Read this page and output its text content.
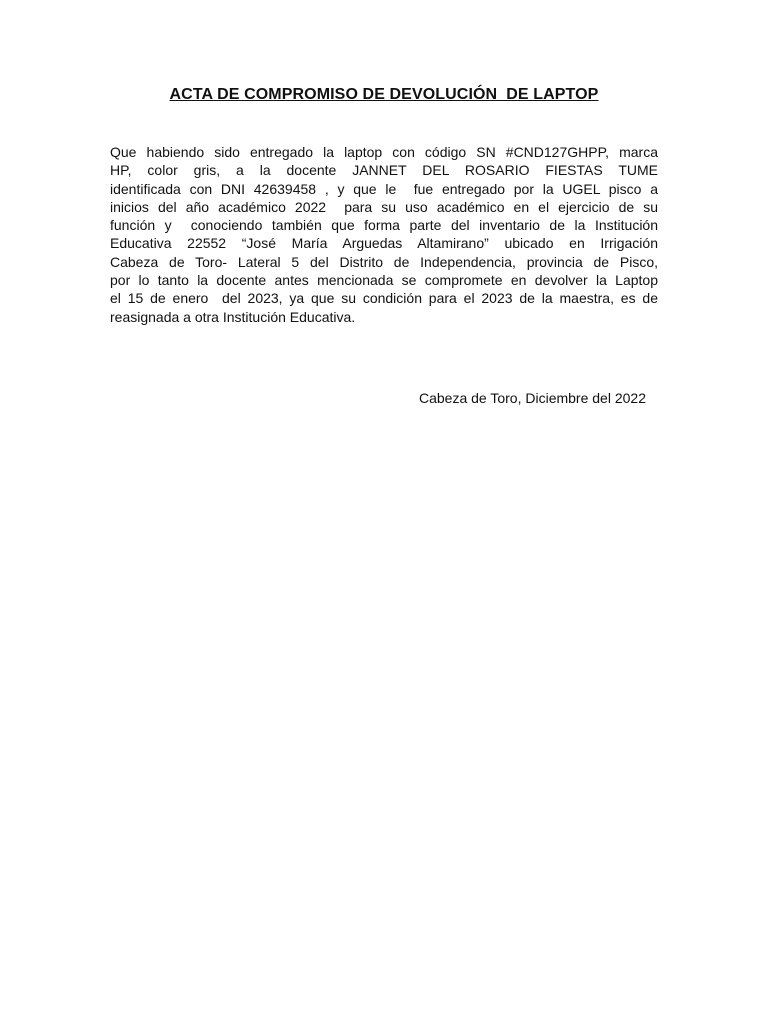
ACTA DE COMPROMISO DE DEVOLUCIÓN  DE LAPTOP
Que habiendo sido entregado la laptop con código SN #CND127GHPP, marca
HP, color gris, a la docente JANNET DEL ROSARIO FIESTAS TUME
identificada con DNI 42639458 , y que le  fue entregado por la UGEL pisco a
inicios del año académico 2022  para su uso académico en el ejercicio de su
función y  conociendo también que forma parte del inventario de la Institución
Educativa 22552 “José María Arguedas Altamirano” ubicado en Irrigación
Cabeza de Toro- Lateral 5 del Distrito de Independencia, provincia de Pisco,
por lo tanto la docente antes mencionada se compromete en devolver la Laptop
el 15 de enero  del 2023, ya que su condición para el 2023 de la maestra, es de
reasignada a otra Institución Educativa.
Cabeza de Toro, Diciembre del 2022
